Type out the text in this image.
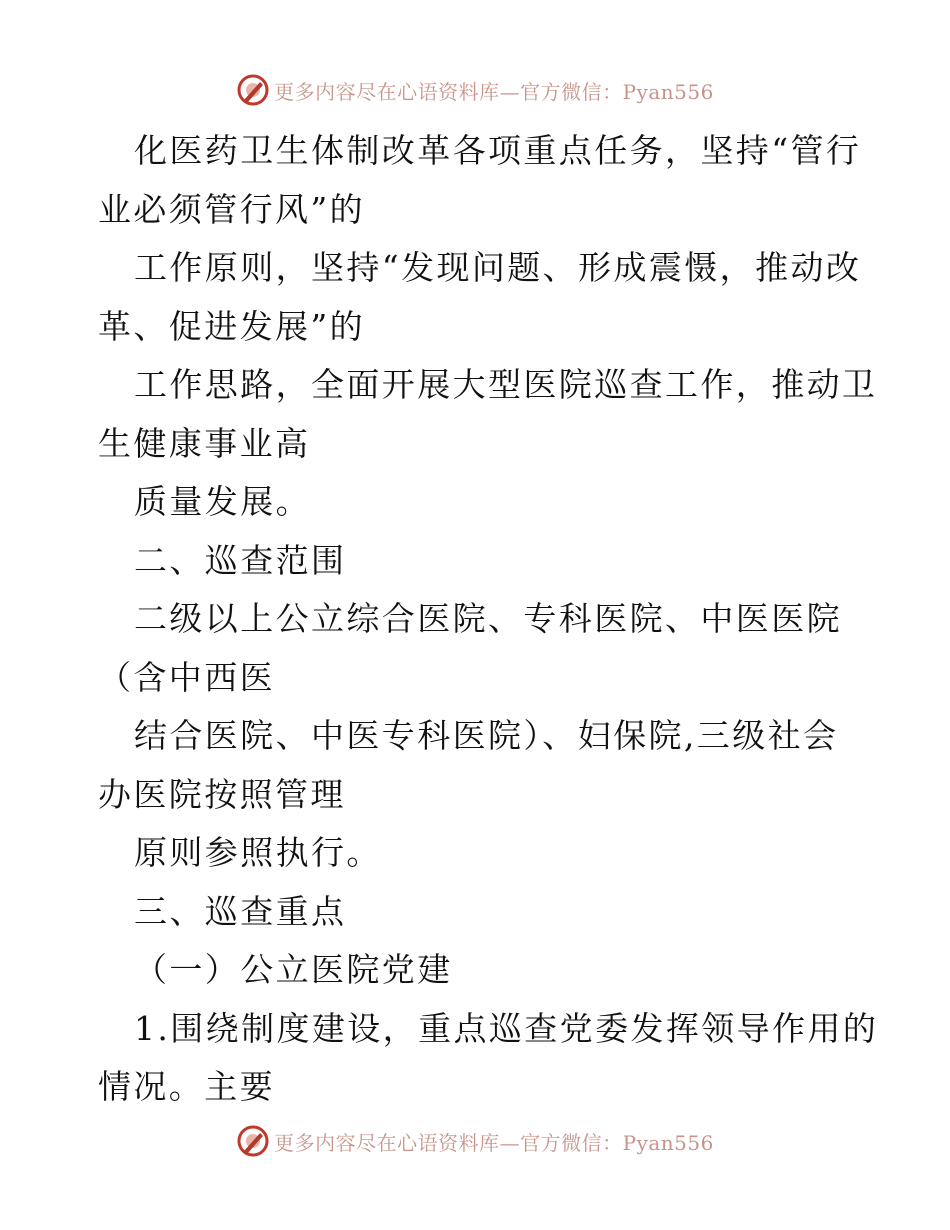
更多内容尽在心语资料库—官方微信：Pyan556
化医药卫生体制改革各项重点任务，坚持“管行
业必须管行风”的
工作原则，坚持“发现问题、形成震慑，推动改
革、促进发展”的
工作思路，全面开展大型医院巡查工作，推动卫
生健康事业高
质量发展。
二、巡查范围
二级以上公立综合医院、专科医院、中医医院
（含中西医
结合医院、中医专科医院）、妇保院,三级社会
办医院按照管理
原则参照执行。
三、巡查重点
（一）公立医院党建
1.围绕制度建设，重点巡查党委发挥领导作用的
情况。主要
更多内容尽在心语资料库—官方微信：Pyan556
